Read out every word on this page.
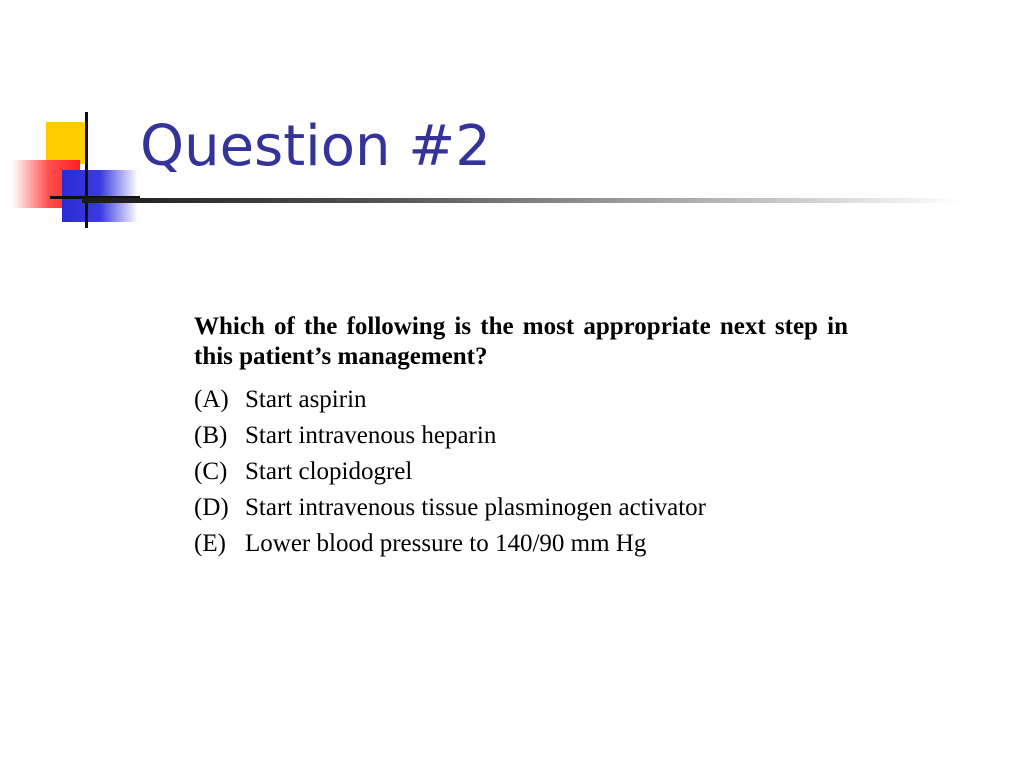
Question #2

Which of the following is the most appropriate next step in this patient’s management?

(A) Start aspirin
(B) Start intravenous heparin
(C) Start clopidogrel
(D) Start intravenous tissue plasminogen activator
(E) Lower blood pressure to 140/90 mm Hg
